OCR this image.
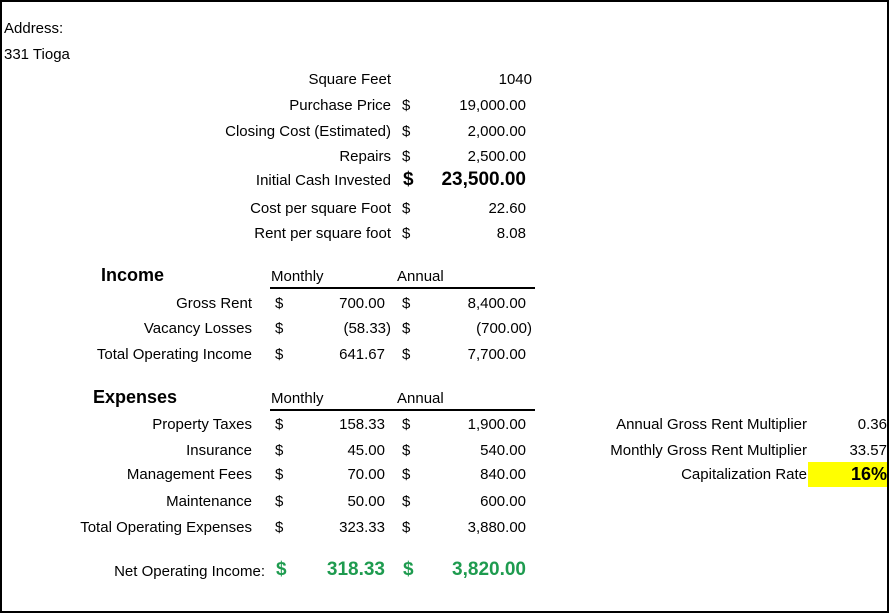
Address:
331 Tioga
Square Feet	1040
Purchase Price $	19,000.00
Closing Cost (Estimated) $	2,000.00
Repairs $	2,500.00
Initial Cash Invested $ 23,500.00
Cost per square Foot $	22.60
Rent per square foot $	8.08
Income	Monthly	Annual
Gross Rent $	700.00 $	8,400.00
Vacancy Losses $	(58.33) $	(700.00)
Total Operating Income $	641.67 $	7,700.00
Expenses	Monthly	Annual
Property Taxes $	158.33 $	1,900.00
Insurance $	45.00 $	540.00
Management Fees $	70.00 $	840.00
Maintenance $	50.00 $	600.00
Total Operating Expenses $	323.33 $	3,880.00
Net Operating Income: $ 318.33 $ 3,820.00
Annual Gross Rent Multiplier	0.36
Monthly Gross Rent Multiplier	33.57
Capitalization Rate 16%
